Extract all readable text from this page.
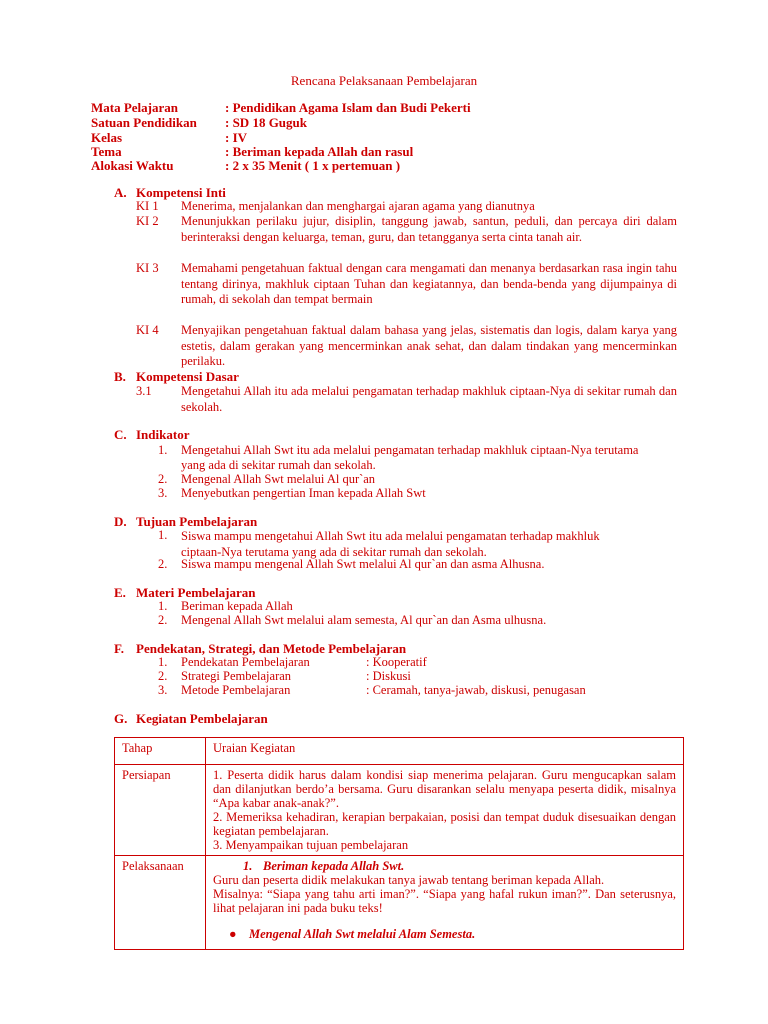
Rencana Pelaksanaan Pembelajaran
Mata Pelajaran	: Pendidikan Agama Islam dan Budi Pekerti
Satuan Pendidikan : SD 18 Guguk
Kelas	: IV
Tema	: Beriman kepada Allah dan rasul
Alokasi Waktu	: 2 x 35 Menit ( 1 x pertemuan )
A. Kompetensi Inti
KI 1 Menerima, menjalankan dan menghargai ajaran agama yang dianutnya
KI 2 Menunjukkan perilaku jujur, disiplin, tanggung jawab, santun, peduli, dan percaya diri dalam berinteraksi dengan keluarga, teman, guru, dan tetangganya serta cinta tanah air.
KI 3 Memahami pengetahuan faktual dengan cara mengamati dan menanya berdasarkan rasa ingin tahu tentang dirinya, makhluk ciptaan Tuhan dan kegiatannya, dan benda-benda yang dijumpainya di rumah, di sekolah dan tempat bermain
KI 4 Menyajikan pengetahuan faktual dalam bahasa yang jelas, sistematis dan logis, dalam karya yang estetis, dalam gerakan yang mencerminkan anak sehat, dan dalam tindakan yang mencerminkan perilaku.
B. Kompetensi Dasar
3.1 Mengetahui Allah itu ada melalui pengamatan terhadap makhluk ciptaan-Nya di sekitar rumah dan sekolah.
C. Indikator
1. Mengetahui Allah Swt itu ada melalui pengamatan terhadap makhluk ciptaan-Nya terutama yang ada di sekitar rumah dan sekolah.
2. Mengenal Allah Swt melalui Al qur`an
3. Menyebutkan pengertian Iman kepada Allah Swt
D. Tujuan Pembelajaran
1. Siswa mampu mengetahui Allah Swt itu ada melalui pengamatan terhadap makhluk ciptaan-Nya terutama yang ada di sekitar rumah dan sekolah.
2. Siswa mampu mengenal Allah Swt melalui Al qur`an dan asma Alhusna.
E. Materi Pembelajaran
1. Beriman kepada Allah
2. Mengenal Allah Swt melalui alam semesta, Al qur`an dan Asma ulhusna.
F. Pendekatan, Strategi, dan Metode Pembelajaran
1. Pendekatan Pembelajaran	: Kooperatif
2. Strategi Pembelajaran	: Diskusi
3. Metode Pembelajaran	: Ceramah, tanya-jawab, diskusi, penugasan
G. Kegiatan Pembelajaran
Tahap	Uraian Kegiatan
Persiapan	1. Peserta didik harus dalam kondisi siap menerima pelajaran. Guru mengucapkan salam dan dilanjutkan berdo’a bersama. Guru disarankan selalu menyapa peserta didik, misalnya “Apa kabar anak-anak?”.
2. Memeriksa kehadiran, kerapian berpakaian, posisi dan tempat duduk disesuaikan dengan kegiatan pembelajaran.
3. Menyampaikan tujuan pembelajaran

Pelaksanaan	1. Beriman kepada Allah Swt.
Guru dan peserta didik melakukan tanya jawab tentang beriman kepada Allah.
Misalnya: “Siapa yang tahu arti iman?”. “Siapa yang hafal rukun iman?”. Dan seterusnya, lihat pelajaran ini pada buku teks!
● Mengenal Allah Swt melalui Alam Semesta.
